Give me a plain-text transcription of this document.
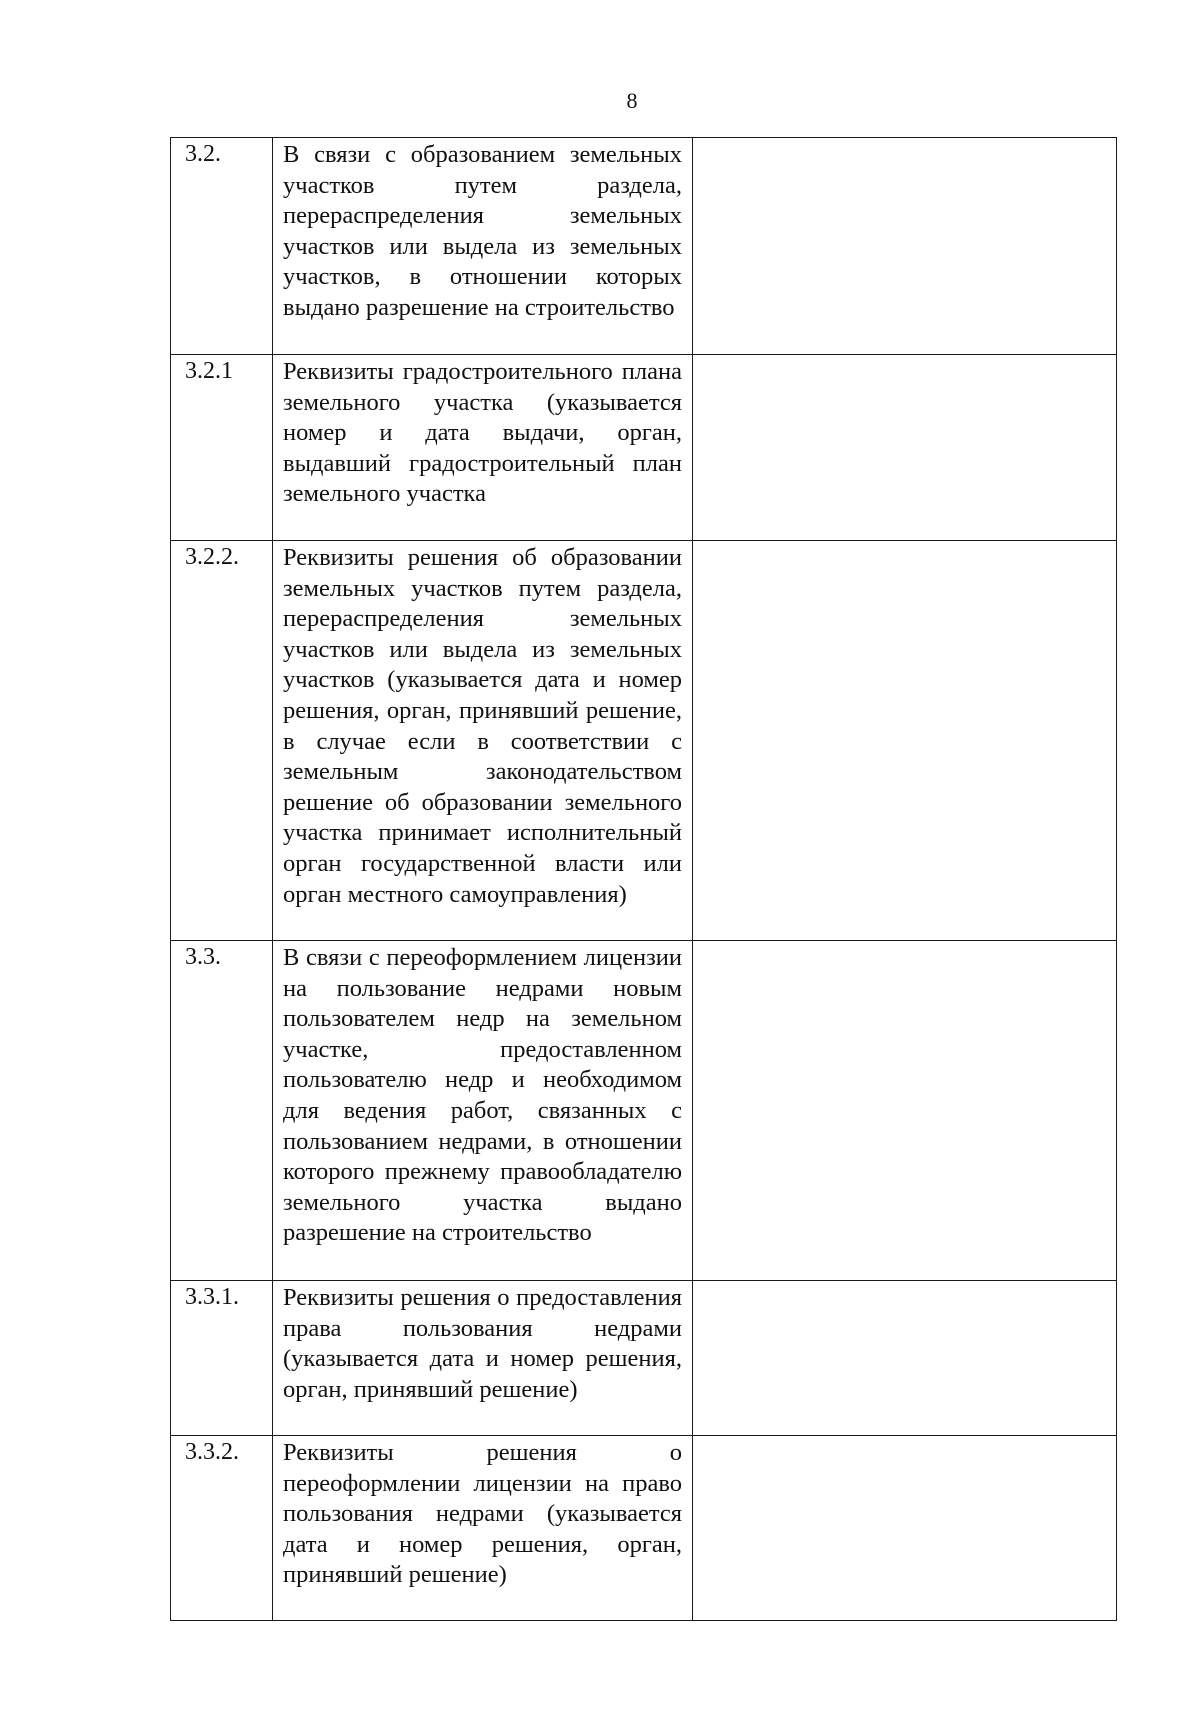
8
3.2.	В связи с образованием земельных участков путем раздела, перераспределения земельных участков или выдела из земельных участков, в отношении которых выдано разрешение на строительство	
3.2.1	Реквизиты градостроительного плана земельного участка (указывается номер и дата выдачи, орган, выдавший градостроительный план земельного участка	
3.2.2.	Реквизиты решения об образовании земельных участков путем раздела, перераспределения земельных участков или выдела из земельных участков (указывается дата и номер решения, орган, принявший решение, в случае если в соответствии с земельным законодательством решение об образовании земельного участка принимает исполнительный орган государственной власти или орган местного самоуправления)	
3.3.	В связи с переоформлением лицензии на пользование недрами новым пользователем недр на земельном участке, предоставленном пользователю недр и необходимом для ведения работ, связанных с пользованием недрами, в отношении которого прежнему правообладателю земельного участка выдано разрешение на строительство	
3.3.1.	Реквизиты решения о предоставления права пользования недрами (указывается дата и номер решения, орган, принявший решение)	
3.3.2.	Реквизиты решения о переоформлении лицензии на право пользования недрами (указывается дата и номер решения, орган, принявший решение)	
